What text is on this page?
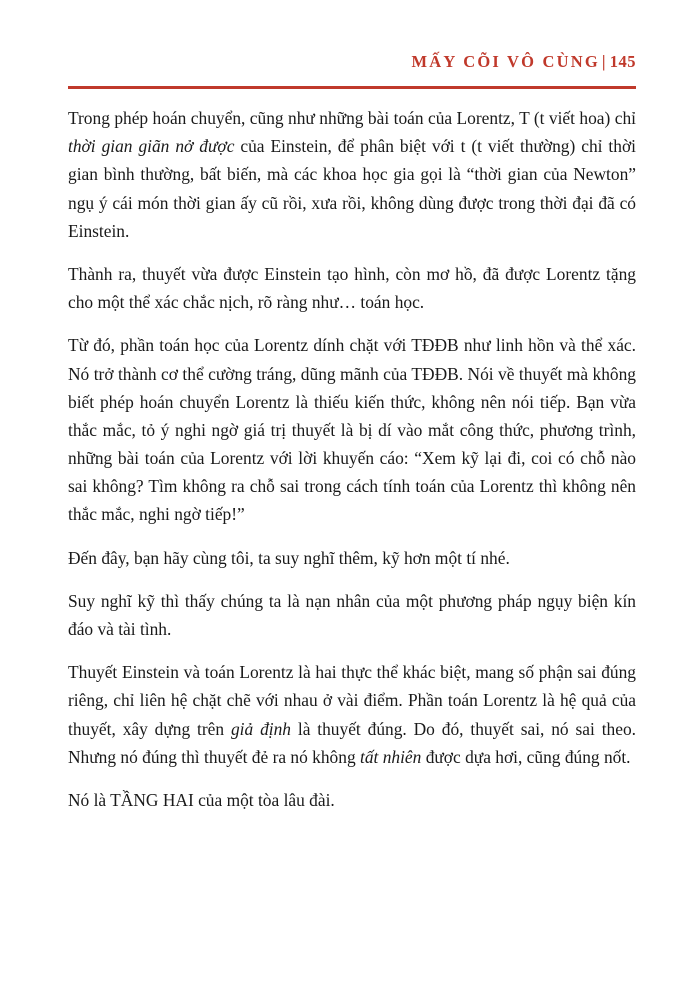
MẤY CÕI VÔ CÙNG | 145

Trong phép hoán chuyển, cũng như những bài toán của Lorentz, T (t viết hoa) chỉ thời gian giãn nở được của Einstein, để phân biệt với t (t viết thường) chỉ thời gian bình thường, bất biến, mà các khoa học gia gọi là “thời gian của Newton” ngụ ý cái món thời gian ấy cũ rồi, xưa rồi, không dùng được trong thời đại đã có Einstein.

Thành ra, thuyết vừa được Einstein tạo hình, còn mơ hồ, đã được Lorentz tặng cho một thể xác chắc nịch, rõ ràng như… toán học.

Từ đó, phần toán học của Lorentz dính chặt với TĐĐB như linh hồn và thể xác. Nó trở thành cơ thể cường tráng, dũng mãnh của TĐĐB. Nói về thuyết mà không biết phép hoán chuyển Lorentz là thiếu kiến thức, không nên nói tiếp. Bạn vừa thắc mắc, tỏ ý nghi ngờ giá trị thuyết là bị dí vào mắt công thức, phương trình, những bài toán của Lorentz với lời khuyến cáo: “Xem kỹ lại đi, coi có chỗ nào sai không? Tìm không ra chỗ sai trong cách tính toán của Lorentz thì không nên thắc mắc, nghi ngờ tiếp!”

Đến đây, bạn hãy cùng tôi, ta suy nghĩ thêm, kỹ hơn một tí nhé.

Suy nghĩ kỹ thì thấy chúng ta là nạn nhân của một phương pháp ngụy biện kín đáo và tài tình.

Thuyết Einstein và toán Lorentz là hai thực thể khác biệt, mang số phận sai đúng riêng, chỉ liên hệ chặt chẽ với nhau ở vài điểm. Phần toán Lorentz là hệ quả của thuyết, xây dựng trên giả định là thuyết đúng. Do đó, thuyết sai, nó sai theo. Nhưng nó đúng thì thuyết đẻ ra nó không tất nhiên được dựa hơi, cũng đúng nốt.

Nó là TẦNG HAI của một tòa lâu đài.
